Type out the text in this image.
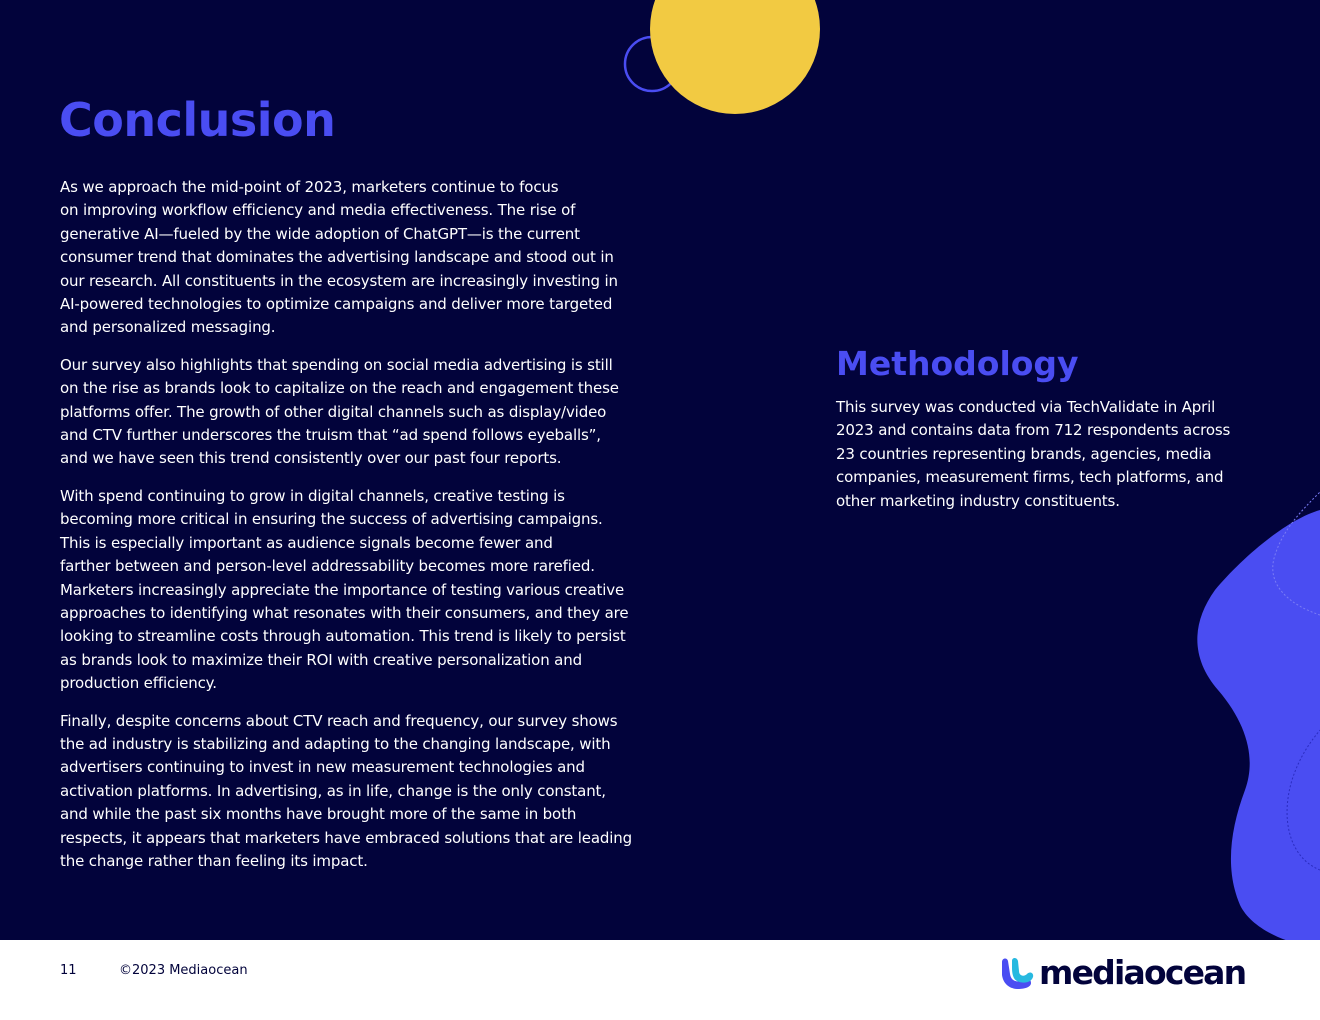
Conclusion

As we approach the mid-point of 2023, marketers continue to focus
on improving workflow efficiency and media effectiveness. The rise of
generative AI—fueled by the wide adoption of ChatGPT—is the current
consumer trend that dominates the advertising landscape and stood out in
our research. All constituents in the ecosystem are increasingly investing in
AI-powered technologies to optimize campaigns and deliver more targeted
and personalized messaging.

Our survey also highlights that spending on social media advertising is still
on the rise as brands look to capitalize on the reach and engagement these
platforms offer. The growth of other digital channels such as display/video
and CTV further underscores the truism that “ad spend follows eyeballs”,
and we have seen this trend consistently over our past four reports.

With spend continuing to grow in digital channels, creative testing is
becoming more critical in ensuring the success of advertising campaigns.
This is especially important as audience signals become fewer and
farther between and person-level addressability becomes more rarefied.
Marketers increasingly appreciate the importance of testing various creative
approaches to identifying what resonates with their consumers, and they are
looking to streamline costs through automation. This trend is likely to persist
as brands look to maximize their ROI with creative personalization and
production efficiency.

Finally, despite concerns about CTV reach and frequency, our survey shows
the ad industry is stabilizing and adapting to the changing landscape, with
advertisers continuing to invest in new measurement technologies and
activation platforms. In advertising, as in life, change is the only constant,
and while the past six months have brought more of the same in both
respects, it appears that marketers have embraced solutions that are leading
the change rather than feeling its impact.

Methodology

This survey was conducted via TechValidate in April
2023 and contains data from 712 respondents across
23 countries representing brands, agencies, media
companies, measurement firms, tech platforms, and
other marketing industry constituents.

11	©2023 Mediaocean	mediaocean
